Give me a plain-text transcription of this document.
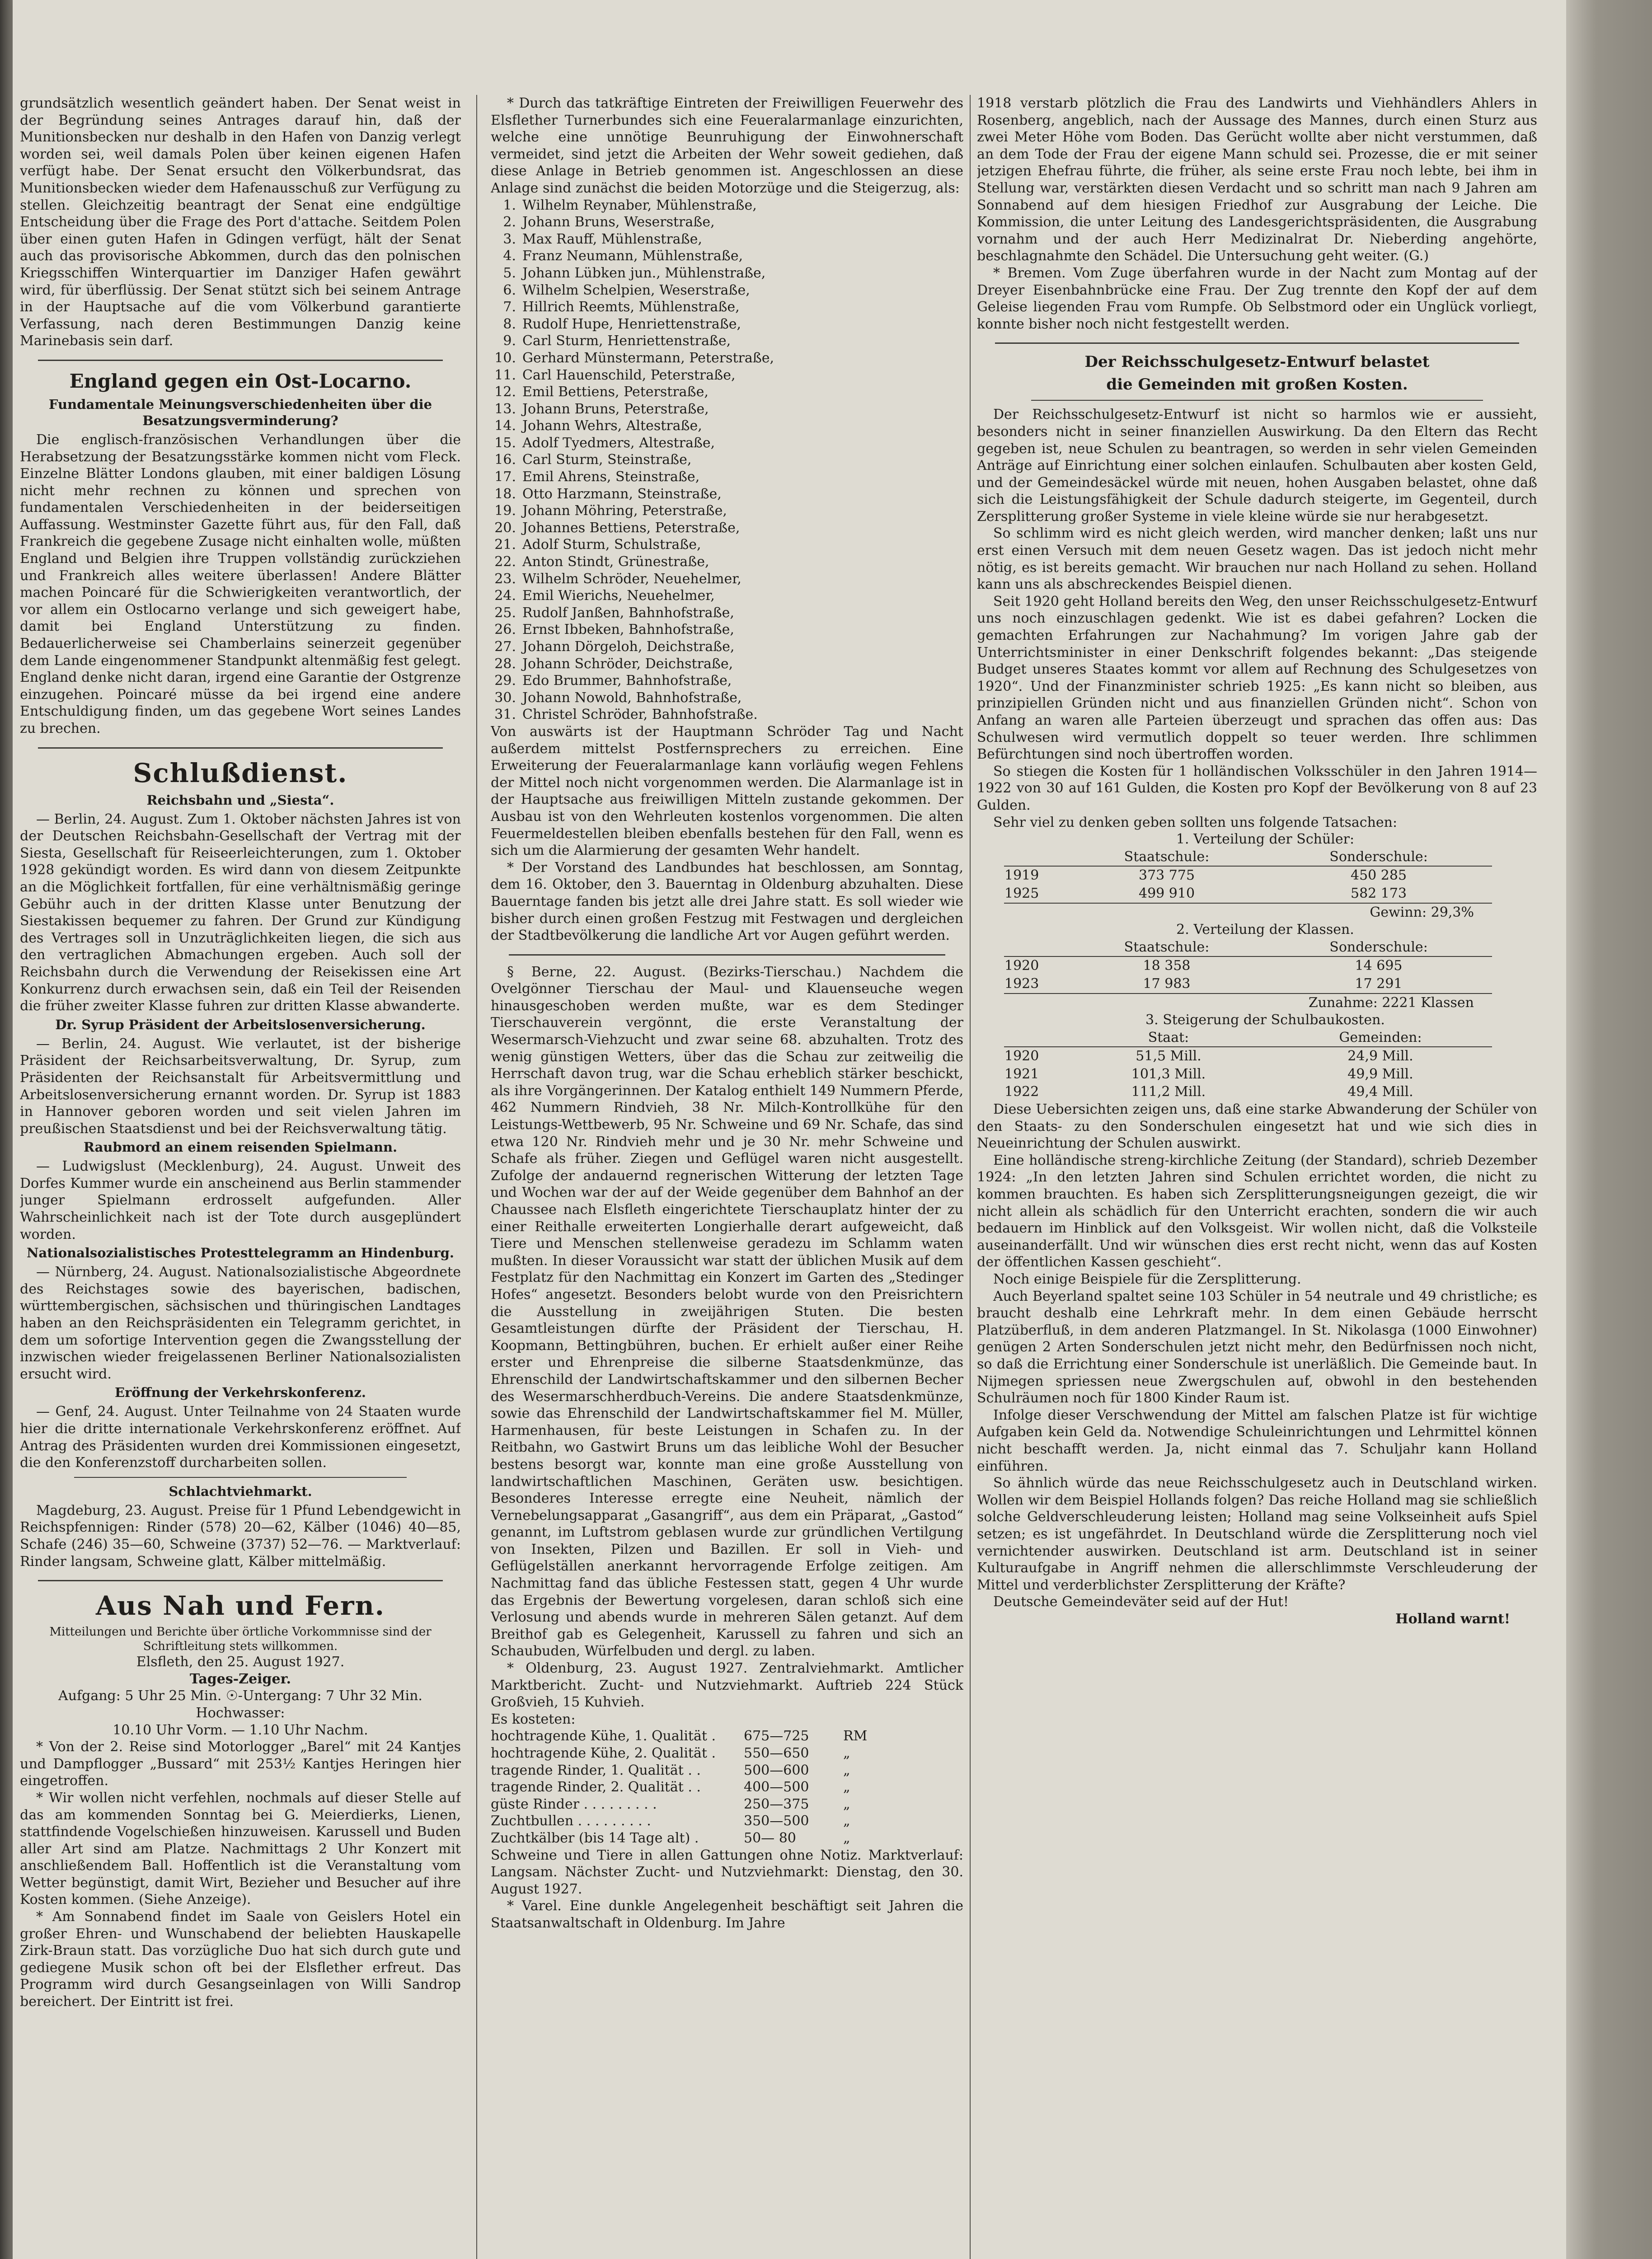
grundsätzlich wesentlich geändert haben. Der Senat weist in der Begründung seines Antrages darauf hin, daß der Munitionsbecken nur deshalb in den Hafen von Danzig verlegt worden sei, weil damals Polen über keinen eigenen Hafen verfügt habe. Der Senat ersucht den Völkerbundsrat, das Munitionsbecken wieder dem Hafenausschuß zur Verfügung zu stellen. Gleichzeitig beantragt der Senat eine endgültige Entscheidung über die Frage des Port d'attache. Seitdem Polen über einen guten Hafen in Gdingen verfügt, hält der Senat auch das provisorische Abkommen, durch das den polnischen Kriegsschiffen Winterquartier im Danziger Hafen gewährt wird, für überflüssig. Der Senat stützt sich bei seinem Antrage in der Hauptsache auf die vom Völkerbund garantierte Verfassung, nach deren Bestimmungen Danzig keine Marinebasis sein darf.

England gegen ein Ost-Locarno.
Fundamentale Meinungsverschiedenheiten über die Besatzungsverminderung?

Die englisch-französischen Verhandlungen über die Herabsetzung der Besatzungsstärke kommen nicht vom Fleck. Einzelne Blätter Londons glauben, mit einer baldigen Lösung nicht mehr rechnen zu können und sprechen von fundamentalen Verschiedenheiten in der beiderseitigen Auffassung. Westminster Gazette führt aus, für den Fall, daß Frankreich die gegebene Zusage nicht einhalten wolle, müßten England und Belgien ihre Truppen vollständig zurückziehen und Frankreich alles weitere überlassen! Andere Blätter machen Poincaré für die Schwierigkeiten verantwortlich, der vor allem ein Ostlocarno verlange und sich geweigert habe, damit bei England Unterstützung zu finden. Bedauerlicherweise sei Chamberlains seinerzeit gegenüber dem Lande eingenommener Standpunkt altenmäßig fest gelegt. England denke nicht daran, irgend eine Garantie der Ostgrenze einzugehen. Poincaré müsse da bei irgend eine andere Entschuldigung finden, um das gegebene Wort seines Landes zu brechen.

Schlußdienst.
Reichsbahn und „Siesta“.

— Berlin, 24. August. Zum 1. Oktober nächsten Jahres ist von der Deutschen Reichsbahn-Gesellschaft der Vertrag mit der Siesta, Gesellschaft für Reiseerleichterungen, zum 1. Oktober 1928 gekündigt worden. Es wird dann von diesem Zeitpunkte an die Möglichkeit fortfallen, für eine verhältnismäßig geringe Gebühr auch in der dritten Klasse unter Benutzung der Siestakissen bequemer zu fahren. Der Grund zur Kündigung des Vertrages soll in Unzuträglichkeiten liegen, die sich aus den vertraglichen Abmachungen ergeben. Auch soll der Reichsbahn durch die Verwendung der Reisekissen eine Art Konkurrenz durch erwachsen sein, daß ein Teil der Reisenden die früher zweiter Klasse fuhren zur dritten Klasse abwanderte.

Dr. Syrup Präsident der Arbeitslosenversicherung.

— Berlin, 24. August. Wie verlautet, ist der bisherige Präsident der Reichsarbeitsverwaltung, Dr. Syrup, zum Präsidenten der Reichsanstalt für Arbeitsvermittlung und Arbeitslosenversicherung ernannt worden. Dr. Syrup ist 1883 in Hannover geboren worden und seit vielen Jahren im preußischen Staatsdienst und bei der Reichsverwaltung tätig.

Raubmord an einem reisenden Spielmann.

— Ludwigslust (Mecklenburg), 24. August. Unweit des Dorfes Kummer wurde ein anscheinend aus Berlin stammender junger Spielmann erdrosselt aufgefunden. Aller Wahrscheinlichkeit nach ist der Tote durch ausgeplündert worden.

Nationalsozialistisches Protesttelegramm an Hindenburg.

— Nürnberg, 24. August. Nationalsozialistische Abgeordnete des Reichstages sowie des bayerischen, badischen, württembergischen, sächsischen und thüringischen Landtages haben an den Reichspräsidenten ein Telegramm gerichtet, in dem um sofortige Intervention gegen die Zwangsstellung der inzwischen wieder freigelassenen Berliner Nationalsozialisten ersucht wird.

Eröffnung der Verkehrskonferenz.

— Genf, 24. August. Unter Teilnahme von 24 Staaten wurde hier die dritte internationale Verkehrskonferenz eröffnet. Auf Antrag des Präsidenten wurden drei Kommissionen eingesetzt, die den Konferenzstoff durcharbeiten sollen.

Schlachtviehmarkt.

Magdeburg, 23. August. Preise für 1 Pfund Lebendgewicht in Reichspfennigen: Rinder (578) 20—62, Kälber (1046) 40—85, Schafe (246) 35—60, Schweine (3737) 52—76. — Marktverlauf: Rinder langsam, Schweine glatt, Kälber mittelmäßig.

Aus Nah und Fern.

Mitteilungen und Berichte über örtliche Vorkommnisse sind der Schriftleitung stets willkommen.

Elsfleth, den 25. August 1927.

Tages-Zeiger.

Aufgang: 5 Uhr 25 Min. ☉-Untergang: 7 Uhr 32 Min.

Hochwasser:

10.10 Uhr Vorm. — 1.10 Uhr Nachm.

* Von der 2. Reise sind Motorlogger „Barel“ mit 24 Kantjes und Dampflogger „Bussard“ mit 253½ Kantjes Heringen hier eingetroffen.

* Wir wollen nicht verfehlen, nochmals auf dieser Stelle auf das am kommenden Sonntag bei G. Meierdierks, Lienen, stattfindende Vogelschießen hinzuweisen. Karussell und Buden aller Art sind am Platze. Nachmittags 2 Uhr Konzert mit anschließendem Ball. Hoffentlich ist die Veranstaltung vom Wetter begünstigt, damit Wirt, Bezieher und Besucher auf ihre Kosten kommen. (Siehe Anzeige).

* Am Sonnabend findet im Saale von Geislers Hotel ein großer Ehren- und Wunschabend der beliebten Hauskapelle Zirk-Braun statt. Das vorzügliche Duo hat sich durch gute und gediegene Musik schon oft bei der Elsflether erfreut. Das Programm wird durch Gesangseinlagen von Willi Sandrop bereichert. Der Eintritt ist frei.

* Durch das tatkräftige Eintreten der Freiwilligen Feuerwehr des Elsflether Turnerbundes sich eine Feueralarmanlage einzurichten, welche eine unnötige Beunruhigung der Einwohnerschaft vermeidet, sind jetzt die Arbeiten der Wehr soweit gediehen, daß diese Anlage in Betrieb genommen ist. Angeschlossen an diese Anlage sind zunächst die beiden Motorzüge und die Steigerzug, als:

1. Wilhelm Reynaber, Mühlenstraße,
2. Johann Bruns, Weserstraße,
3. Max Rauff, Mühlenstraße,
4. Franz Neumann, Mühlenstraße,
5. Johann Lübken jun., Mühlenstraße,
6. Wilhelm Schelpien, Weserstraße,
7. Hillrich Reemts, Mühlenstraße,
8. Rudolf Hupe, Henriettenstraße,
9. Carl Sturm, Henriettenstraße,
10. Gerhard Münstermann, Peterstraße,
11. Carl Hauenschild, Peterstraße,
12. Emil Bettiens, Peterstraße,
13. Johann Bruns, Peterstraße,
14. Johann Wehrs, Altestraße,
15. Adolf Tyedmers, Altestraße,
16. Carl Sturm, Steinstraße,
17. Emil Ahrens, Steinstraße,
18. Otto Harzmann, Steinstraße,
19. Johann Möhring, Peterstraße,
20. Johannes Bettiens, Peterstraße,
21. Adolf Sturm, Schulstraße,
22. Anton Stindt, Grünestraße,
23. Wilhelm Schröder, Neuehelmer,
24. Emil Wierichs, Neuehelmer,
25. Rudolf Janßen, Bahnhofstraße,
26. Ernst Ibbeken, Bahnhofstraße,
27. Johann Dörgeloh, Deichstraße,
28. Johann Schröder, Deichstraße,
29. Edo Brummer, Bahnhofstraße,
30. Johann Nowold, Bahnhofstraße,
31. Christel Schröder, Bahnhofstraße.

Von auswärts ist der Hauptmann Schröder Tag und Nacht außerdem mittelst Postfernsprechers zu erreichen. Eine Erweiterung der Feueralarmanlage kann vorläufig wegen Fehlens der Mittel noch nicht vorgenommen werden. Die Alarmanlage ist in der Hauptsache aus freiwilligen Mitteln zustande gekommen. Der Ausbau ist von den Wehrleuten kostenlos vorgenommen. Die alten Feuermeldestellen bleiben ebenfalls bestehen für den Fall, wenn es sich um die Alarmierung der gesamten Wehr handelt.

* Der Vorstand des Landbundes hat beschlossen, am Sonntag, dem 16. Oktober, den 3. Bauerntag in Oldenburg abzuhalten. Diese Bauerntage fanden bis jetzt alle drei Jahre statt. Es soll wieder wie bisher durch einen großen Festzug mit Festwagen und dergleichen der Stadtbevölkerung die landliche Art vor Augen geführt werden.

§ Berne, 22. August. (Bezirks-Tierschau.) Nachdem die Ovelgönner Tierschau der Maul- und Klauenseuche wegen hinausgeschoben werden mußte, war es dem Stedinger Tierschauverein vergönnt, die erste Veranstaltung der Wesermarsch-Viehzucht und zwar seine 68. abzuhalten. Trotz des wenig günstigen Wetters, über das die Schau zur zeitweilig die Herrschaft davon trug, war die Schau erheblich stärker beschickt, als ihre Vorgängerinnen. Der Katalog enthielt 149 Nummern Pferde, 462 Nummern Rindvieh, 38 Nr. Milch-Kontrollkühe für den Leistungs-Wettbewerb, 95 Nr. Schweine und 69 Nr. Schafe, das sind etwa 120 Nr. Rindvieh mehr und je 30 Nr. mehr Schweine und Schafe als früher. Ziegen und Geflügel waren nicht ausgestellt. Zufolge der andauernd regnerischen Witterung der letzten Tage und Wochen war der auf der Weide gegenüber dem Bahnhof an der Chaussee nach Elsfleth eingerichtete Tierschauplatz hinter der zu einer Reithalle erweiterten Longierhalle derart aufgeweicht, daß Tiere und Menschen stellenweise geradezu im Schlamm waten mußten. In dieser Voraussicht war statt der üblichen Musik auf dem Festplatz für den Nachmittag ein Konzert im Garten des „Stedinger Hofes“ angesetzt. Besonders belobt wurde von den Preisrichtern die Ausstellung in zweijährigen Stuten. Die besten Gesamtleistungen dürfte der Präsident der Tierschau, H. Koopmann, Bettingbühren, buchen. Er erhielt außer einer Reihe erster und Ehrenpreise die silberne Staatsdenkmünze, das Ehrenschild der Landwirtschaftskammer und den silbernen Becher des Wesermarschherdbuch-Vereins. Die andere Staatsdenkmünze, sowie das Ehrenschild der Landwirtschaftskammer fiel M. Müller, Harmenhausen, für beste Leistungen in Schafen zu. In der Reitbahn, wo Gastwirt Bruns um das leibliche Wohl der Besucher bestens besorgt war, konnte man eine große Ausstellung von landwirtschaftlichen Maschinen, Geräten usw. besichtigen. Besonderes Interesse erregte eine Neuheit, nämlich der Vernebelungsapparat „Gasangriff“, aus dem ein Präparat, „Gastod“ genannt, im Luftstrom geblasen wurde zur gründlichen Vertilgung von Insekten, Pilzen und Bazillen. Er soll in Vieh- und Geflügelställen anerkannt hervorragende Erfolge zeitigen. Am Nachmittag fand das übliche Festessen statt, gegen 4 Uhr wurde das Ergebnis der Bewertung vorgelesen, daran schloß sich eine Verlosung und abends wurde in mehreren Sälen getanzt. Auf dem Breithof gab es Gelegenheit, Karussell zu fahren und sich an Schaubuden, Würfelbuden und dergl. zu laben.

* Oldenburg, 23. August 1927. Zentralviehmarkt. Amtlicher Marktbericht. Zucht- und Nutzviehmarkt. Auftrieb 224 Stück Großvieh, 15 Kuhvieh.

Es kosteten:

hochtragende Kühe, 1. Qualität .	675—725	RM
hochtragende Kühe, 2. Qualität .	550—650	„
tragende Rinder, 1. Qualität . .	500—600	„
tragende Rinder, 2. Qualität . .	400—500	„
güste Rinder . . . . . . . . .	250—375	„
Zuchtbullen . . . . . . . . .	350—500	„
Zuchtkälber (bis 14 Tage alt) .	50— 80	„

Schweine und Tiere in allen Gattungen ohne Notiz. Marktverlauf: Langsam. Nächster Zucht- und Nutzviehmarkt: Dienstag, den 30. August 1927.

* Varel. Eine dunkle Angelegenheit beschäftigt seit Jahren die Staatsanwaltschaft in Oldenburg. Im Jahre

1918 verstarb plötzlich die Frau des Landwirts und Viehhändlers Ahlers in Rosenberg, angeblich, nach der Aussage des Mannes, durch einen Sturz aus zwei Meter Höhe vom Boden. Das Gerücht wollte aber nicht verstummen, daß an dem Tode der Frau der eigene Mann schuld sei. Prozesse, die er mit seiner jetzigen Ehefrau führte, die früher, als seine erste Frau noch lebte, bei ihm in Stellung war, verstärkten diesen Verdacht und so schritt man nach 9 Jahren am Sonnabend auf dem hiesigen Friedhof zur Ausgrabung der Leiche. Die Kommission, die unter Leitung des Landesgerichtspräsidenten, die Ausgrabung vornahm und der auch Herr Medizinalrat Dr. Nieberding angehörte, beschlagnahmte den Schädel. Die Untersuchung geht weiter. (G.)

* Bremen. Vom Zuge überfahren wurde in der Nacht zum Montag auf der Dreyer Eisenbahnbrücke eine Frau. Der Zug trennte den Kopf der auf dem Geleise liegenden Frau vom Rumpfe. Ob Selbstmord oder ein Unglück vorliegt, konnte bisher noch nicht festgestellt werden.

Der Reichsschulgesetz-Entwurf belastet
die Gemeinden mit großen Kosten.

Der Reichsschulgesetz-Entwurf ist nicht so harmlos wie er aussieht, besonders nicht in seiner finanziellen Auswirkung. Da den Eltern das Recht gegeben ist, neue Schulen zu beantragen, so werden in sehr vielen Gemeinden Anträge auf Einrichtung einer solchen einlaufen. Schulbauten aber kosten Geld, und der Gemeindesäckel würde mit neuen, hohen Ausgaben belastet, ohne daß sich die Leistungsfähigkeit der Schule dadurch steigerte, im Gegenteil, durch Zersplitterung großer Systeme in viele kleine würde sie nur herabgesetzt.

So schlimm wird es nicht gleich werden, wird mancher denken; laßt uns nur erst einen Versuch mit dem neuen Gesetz wagen. Das ist jedoch nicht mehr nötig, es ist bereits gemacht. Wir brauchen nur nach Holland zu sehen. Holland kann uns als abschreckendes Beispiel dienen.

Seit 1920 geht Holland bereits den Weg, den unser Reichsschulgesetz-Entwurf uns noch einzuschlagen gedenkt. Wie ist es dabei gefahren? Locken die gemachten Erfahrungen zur Nachahmung? Im vorigen Jahre gab der Unterrichtsminister in einer Denkschrift folgendes bekannt: „Das steigende Budget unseres Staates kommt vor allem auf Rechnung des Schulgesetzes von 1920“. Und der Finanzminister schrieb 1925: „Es kann nicht so bleiben, aus prinzipiellen Gründen nicht und aus finanziellen Gründen nicht“. Schon von Anfang an waren alle Parteien überzeugt und sprachen das offen aus: Das Schulwesen wird vermutlich doppelt so teuer werden. Ihre schlimmen Befürchtungen sind noch übertroffen worden.

So stiegen die Kosten für 1 holländischen Volksschüler in den Jahren 1914—1922 von 30 auf 161 Gulden, die Kosten pro Kopf der Bevölkerung von 8 auf 23 Gulden.

Sehr viel zu denken geben sollten uns folgende Tatsachen:

1. Verteilung der Schüler:

	Staatschule:	Sonderschule:
1919	373 775	450 285
1925	499 910	582 173
Gewinn: 29,3%		

2. Verteilung der Klassen.

	Staatschule:	Sonderschule:
1920	18 358	14 695
1923	17 983	17 291
Zunahme: 2221 Klassen		

3. Steigerung der Schulbaukosten.

	Staat:	Gemeinden:
1920	51,5 Mill.	24,9 Mill.
1921	101,3 Mill.	49,9 Mill.
1922	111,2 Mill.	49,4 Mill.

Diese Uebersichten zeigen uns, daß eine starke Abwanderung der Schüler von den Staats- zu den Sonderschulen eingesetzt hat und wie sich dies in Neueinrichtung der Schulen auswirkt.

Eine holländische streng-kirchliche Zeitung (der Standard), schrieb Dezember 1924: „In den letzten Jahren sind Schulen errichtet worden, die nicht zu kommen brauchten. Es haben sich Zersplitterungsneigungen gezeigt, die wir nicht allein als schädlich für den Unterricht erachten, sondern die wir auch bedauern im Hinblick auf den Volksgeist. Wir wollen nicht, daß die Volksteile auseinanderfällt. Und wir wünschen dies erst recht nicht, wenn das auf Kosten der öffentlichen Kassen geschieht“.

Noch einige Beispiele für die Zersplitterung.

Auch Beyerland spaltet seine 103 Schüler in 54 neutrale und 49 christliche; es braucht deshalb eine Lehrkraft mehr. In dem einen Gebäude herrscht Platzüberfluß, in dem anderen Platzmangel. In St. Nikolasga (1000 Einwohner) genügen 2 Arten Sonderschulen jetzt nicht mehr, den Bedürfnissen noch nicht, so daß die Errichtung einer Sonderschule ist unerläßlich. Die Gemeinde baut. In Nijmegen spriessen neue Zwergschulen auf, obwohl in den bestehenden Schulräumen noch für 1800 Kinder Raum ist.

Infolge dieser Verschwendung der Mittel am falschen Platze ist für wichtige Aufgaben kein Geld da. Notwendige Schuleinrichtungen und Lehrmittel können nicht beschafft werden. Ja, nicht einmal das 7. Schuljahr kann Holland einführen.

So ähnlich würde das neue Reichsschulgesetz auch in Deutschland wirken. Wollen wir dem Beispiel Hollands folgen? Das reiche Holland mag sie schließlich solche Geldverschleuderung leisten; Holland mag seine Volkseinheit aufs Spiel setzen; es ist ungefährdet. In Deutschland würde die Zersplitterung noch viel vernichtender auswirken. Deutschland ist arm. Deutschland ist in seiner Kulturaufgabe in Angriff nehmen die allerschlimmste Verschleuderung der Mittel und verderblichster Zersplitterung der Kräfte?

Deutsche Gemeindeväter seid auf der Hut!

Holland warnt!
